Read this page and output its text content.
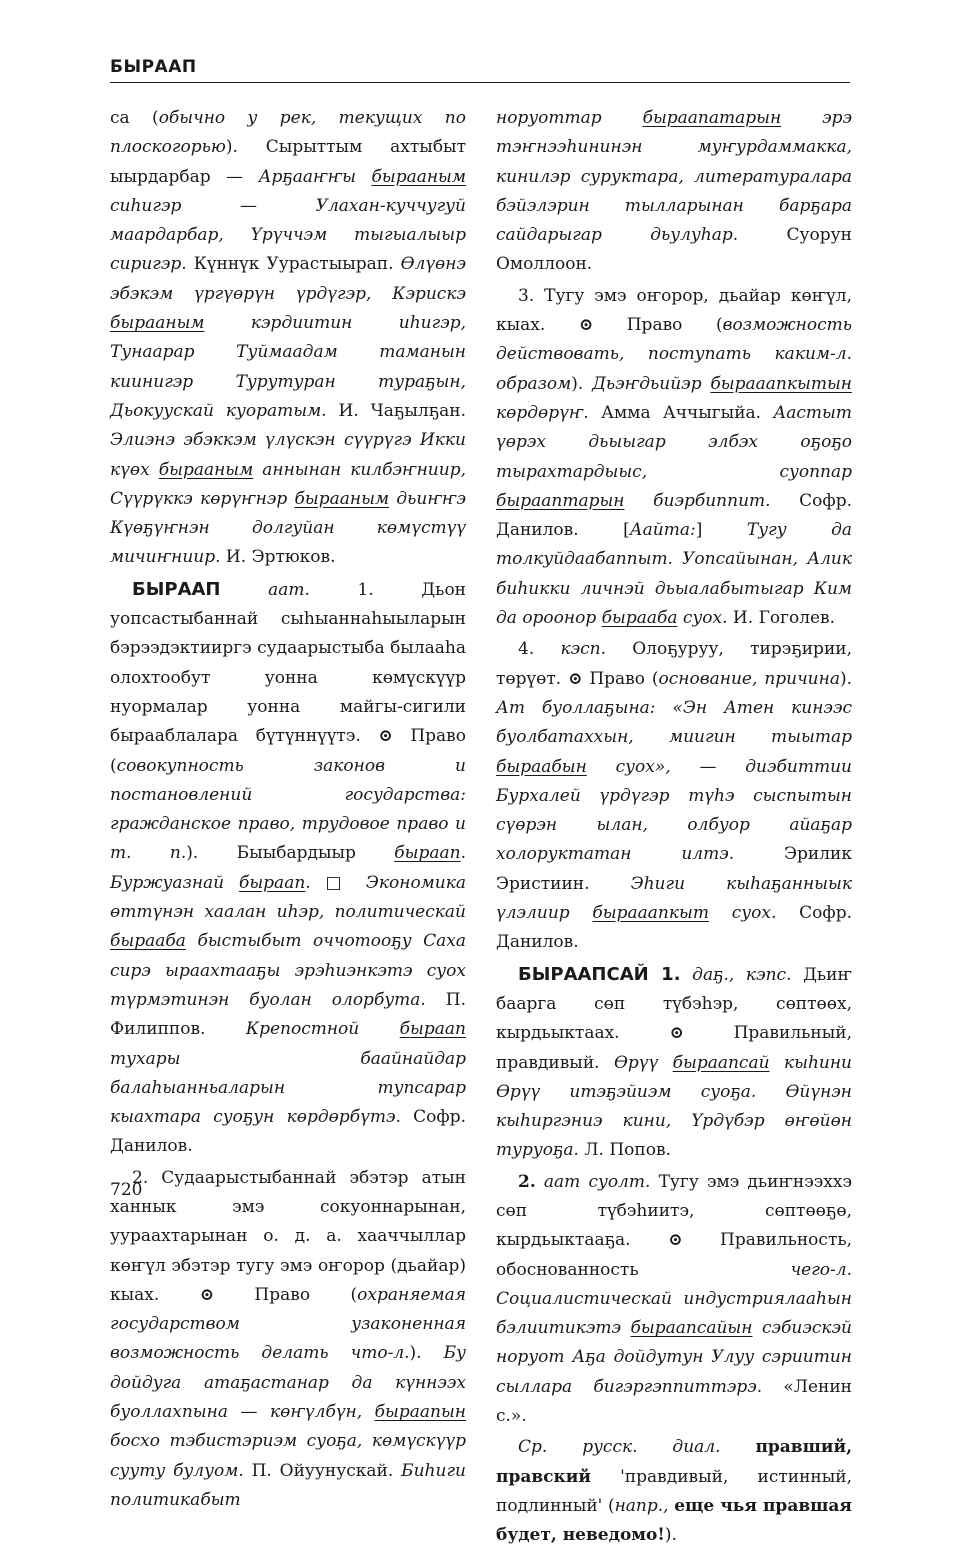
БЫРААП

са (обычно у рек, текущих по плоскогорью). Сырыттым ахтыбыт ыырдарбар — Арҕааҥҥы бырааным сиһигэр — Улахан-куччугуй маардарбар, Үрүччэм тыгыалыыр сиригэр. Күннүк Уурастыырап. Өлүөнэ эбэкэм үргүөрүн үрдүгэр, Кэрискэ бырааным кэрдиитин иһигэр, Тунаарар Туймаадам таманын киинигэр Турутуран тураҕын, Дьокуускай куоратым. И. Чаҕылҕан. Элиэнэ эбэккэм үлүскэн сүүрүгэ Икки күөх бырааным аннынан килбэҥниир, Сүүрүккэ көрүҥнэр бырааным дьиҥҥэ Күөҕүҥнэн долгуйан көмүстүү мичиҥниир. И. Эртюков.

БЫРААП аат. 1. Дьон уопсастыбаннай сыһыаннаһыыларын бэрээдэктииргэ судаарыстыба былааһа олохтообут уонна көмүскүүр нуормалар уонна майгы-сигили бырааблалара бүтүннүүтэ. ⊙ Право (совокупность законов и постановлений государства: гражданское право, трудовое право и т. п.). Быыбардыыр быраап. Буржуазнай быраап. □ Экономика өттүнэн хаалан иһэр, политическай бырааба быстыбыт оччотооҕу Саха сирэ ыраахтааҕы эрэһиэнкэтэ суох түрмэтинэн буолан олорбута. П. Филиппов. Крепостной быраап тухары баайнайдар балаһыанньаларын тупсарар кыахтара суоҕун көрдөрбүтэ. Софр. Данилов.

2. Судаарыстыбаннай эбэтэр атын ханнык эмэ сокуоннарынан, уураахтарынан о. д. а. хааччыллар көҥүл эбэтэр тугу эмэ оҥорор (дьайар) кыах. ⊙ Право (охраняемая государством узаконенная возможность делать что-л.). Бу дойдуга атаҕастанар да күннээх буоллахпына — көҥүлбүн, быраапын босхо тэбистэриэм суоҕа, көмүскүүр сууту булуом. П. Ойуунускай. Биһиги политикабыт

норуоттар быраапатарын эрэ тэҥнээһининэн муҥурдаммакка, кинилэр суруктара, литератураларa бэйэлэрин тылларынан барҕара сайдарыгар дьулуһар. Суорун Омоллоон.

3. Тугу эмэ оҥорор, дьайар көҥүл, кыах. ⊙ Право (возможность действовать, поступать каким-л. образом). Дьэҥдьийэр бырааапкытын көрдөрүҥ. Амма Аччыгыйа. Аастыт үөрэх дьыыгар элбэх оҕоҕо тырахтардыыс, суоппар бырааптарын биэрбиппит. Софр. Данилов. [Аайта:] Тугу да толкуйдаабаппыт. Уопсайынан, Алик биһикки личнэй дьыалабытыгар Ким да ороонор бырааба суох. И. Гоголев.

4. кэсп. Олоҕуруу, тирэҕирии, төрүөт. ⊙ Право (основание, причина). Ат буоллаҕына: «Эн Атен кинээс буолбатаххын, миигин тыытар быраабын суох», — диэбиттии Бурхалей үрдүгэр түһэ сыспытын сүөрэн ылан, олбуор айаҕар холоруктатан илтэ. Эрилик Эристиин. Эһиги кыһаҕанныык үлэлиир бырааапкыт суох. Софр. Данилов.

БЫРААПСАЙ 1. даҕ., кэпс. Дьиҥ бааргa сөп түбэһэр, сөптөөх, кырдьыктаах. ⊙ Правильный, правдивый. Өрүү быраапсай кыһини Өрүү итэҕэйиэм суоҕа. Өйүнэн кыһиргэниэ кини, Үрдүбэр өҥөйөн туруоҕа. Л. Попов.

2. аат суолт. Тугу эмэ дьиҥнээххэ сөп түбэһиитэ, сөптөөҕө, кырдьыктааҕа. ⊙ Правильность, обоснованность чего-л. Социалистическай индустриялааһын бэлиитикэтэ быраапсайын сэбиэскэй норуот Аҕа дойдутун Улуу сэриитин сыллара бигэргэппиттэрэ. «Ленин с.».

Ср. русск. диал. правший, правский 'правдивый, истинный, подлинный' (напр., еще чья правшая будет, неведомо!).

720
